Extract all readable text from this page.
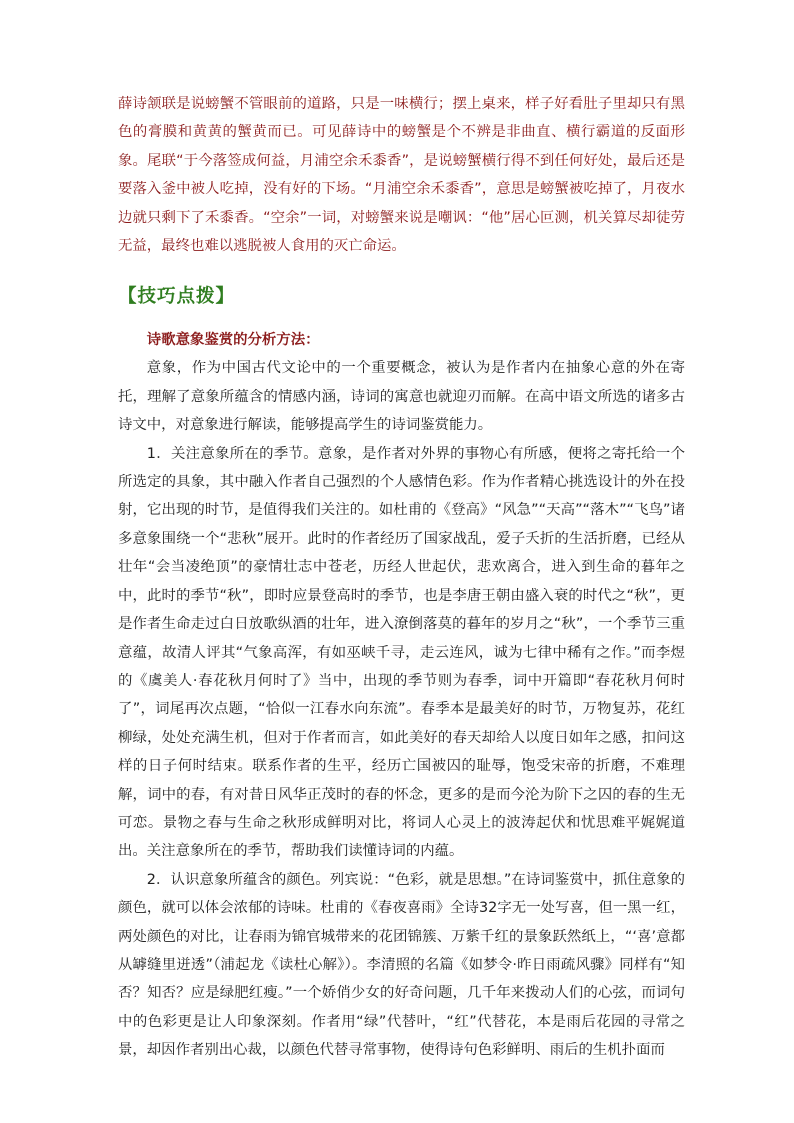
薛诗颔联是说螃蟹不管眼前的道路，只是一味横行；摆上桌来，样子好看肚子里却只有黑色的膏膜和黄黄的蟹黄而已。可见薛诗中的螃蟹是个不辨是非曲直、横行霸道的反面形象。尾联“于今落签成何益，月浦空余禾黍香”，是说螃蟹横行得不到任何好处，最后还是要落入釜中被人吃掉，没有好的下场。“月浦空余禾黍香”，意思是螃蟹被吃掉了，月夜水边就只剩下了禾黍香。“空余”一词，对螃蟹来说是嘲讽：“他”居心叵测，机关算尽却徒劳无益，最终也难以逃脱被人食用的灭亡命运。

【技巧点拨】
诗歌意象鉴赏的分析方法：

意象，作为中国古代文论中的一个重要概念，被认为是作者内在抽象心意的外在寄托，理解了意象所蕴含的情感内涵，诗词的寓意也就迎刃而解。在高中语文所选的诸多古诗文中，对意象进行解读，能够提高学生的诗词鉴赏能力。

1．关注意象所在的季节。意象，是作者对外界的事物心有所感，便将之寄托给一个所选定的具象，其中融入作者自己强烈的个人感情色彩。作为作者精心挑选设计的外在投射，它出现的时节，是值得我们关注的。如杜甫的《登高》“风急”“天高”“落木”“飞鸟”诸多意象围绕一个“悲秋”展开。此时的作者经历了国家战乱，爱子夭折的生活折磨，已经从壮年“会当凌绝顶”的豪情壮志中苍老，历经人世起伏，悲欢离合，进入到生命的暮年之中，此时的季节“秋”，即时应景登高时的季节，也是李唐王朝由盛入衰的时代之“秋”，更是作者生命走过白日放歌纵酒的壮年，进入潦倒落莫的暮年的岁月之“秋”，一个季节三重意蕴，故清人评其“气象高浑，有如巫峡千寻，走云连风，诚为七律中稀有之作。”而李煜的《虞美人·春花秋月何时了》当中，出现的季节则为春季，词中开篇即“春花秋月何时了”，词尾再次点题，“恰似一江春水向东流”。春季本是最美好的时节，万物复苏，花红柳绿，处处充满生机，但对于作者而言，如此美好的春天却给人以度日如年之感，扣问这样的日子何时结束。联系作者的生平，经历亡国被囚的耻辱，饱受宋帝的折磨，不难理解，词中的春，有对昔日风华正茂时的春的怀念，更多的是而今沦为阶下之囚的春的生无可恋。景物之春与生命之秋形成鲜明对比，将词人心灵上的波涛起伏和忧思难平娓娓道出。关注意象所在的季节，帮助我们读懂诗词的内蕴。

2．认识意象所蕴含的颜色。列宾说：“色彩，就是思想。”在诗词鉴赏中，抓住意象的颜色，就可以体会浓郁的诗味。杜甫的《春夜喜雨》全诗32字无一处写喜，但一黑一红，两处颜色的对比，让春雨为锦官城带来的花团锦簇、万紫千红的景象跃然纸上，“‘喜’意都从罅缝里迸透”（浦起龙《读杜心解》）。李清照的名篇《如梦令·昨日雨疏风骤》同样有“知否？知否？应是绿肥红瘦。”一个娇俏少女的好奇问题，几千年来拨动人们的心弦，而词句中的色彩更是让人印象深刻。作者用“绿”代替叶，“红”代替花，本是雨后花园的寻常之景，却因作者别出心裁，以颜色代替寻常事物，使得诗句色彩鲜明、雨后的生机扑面而
